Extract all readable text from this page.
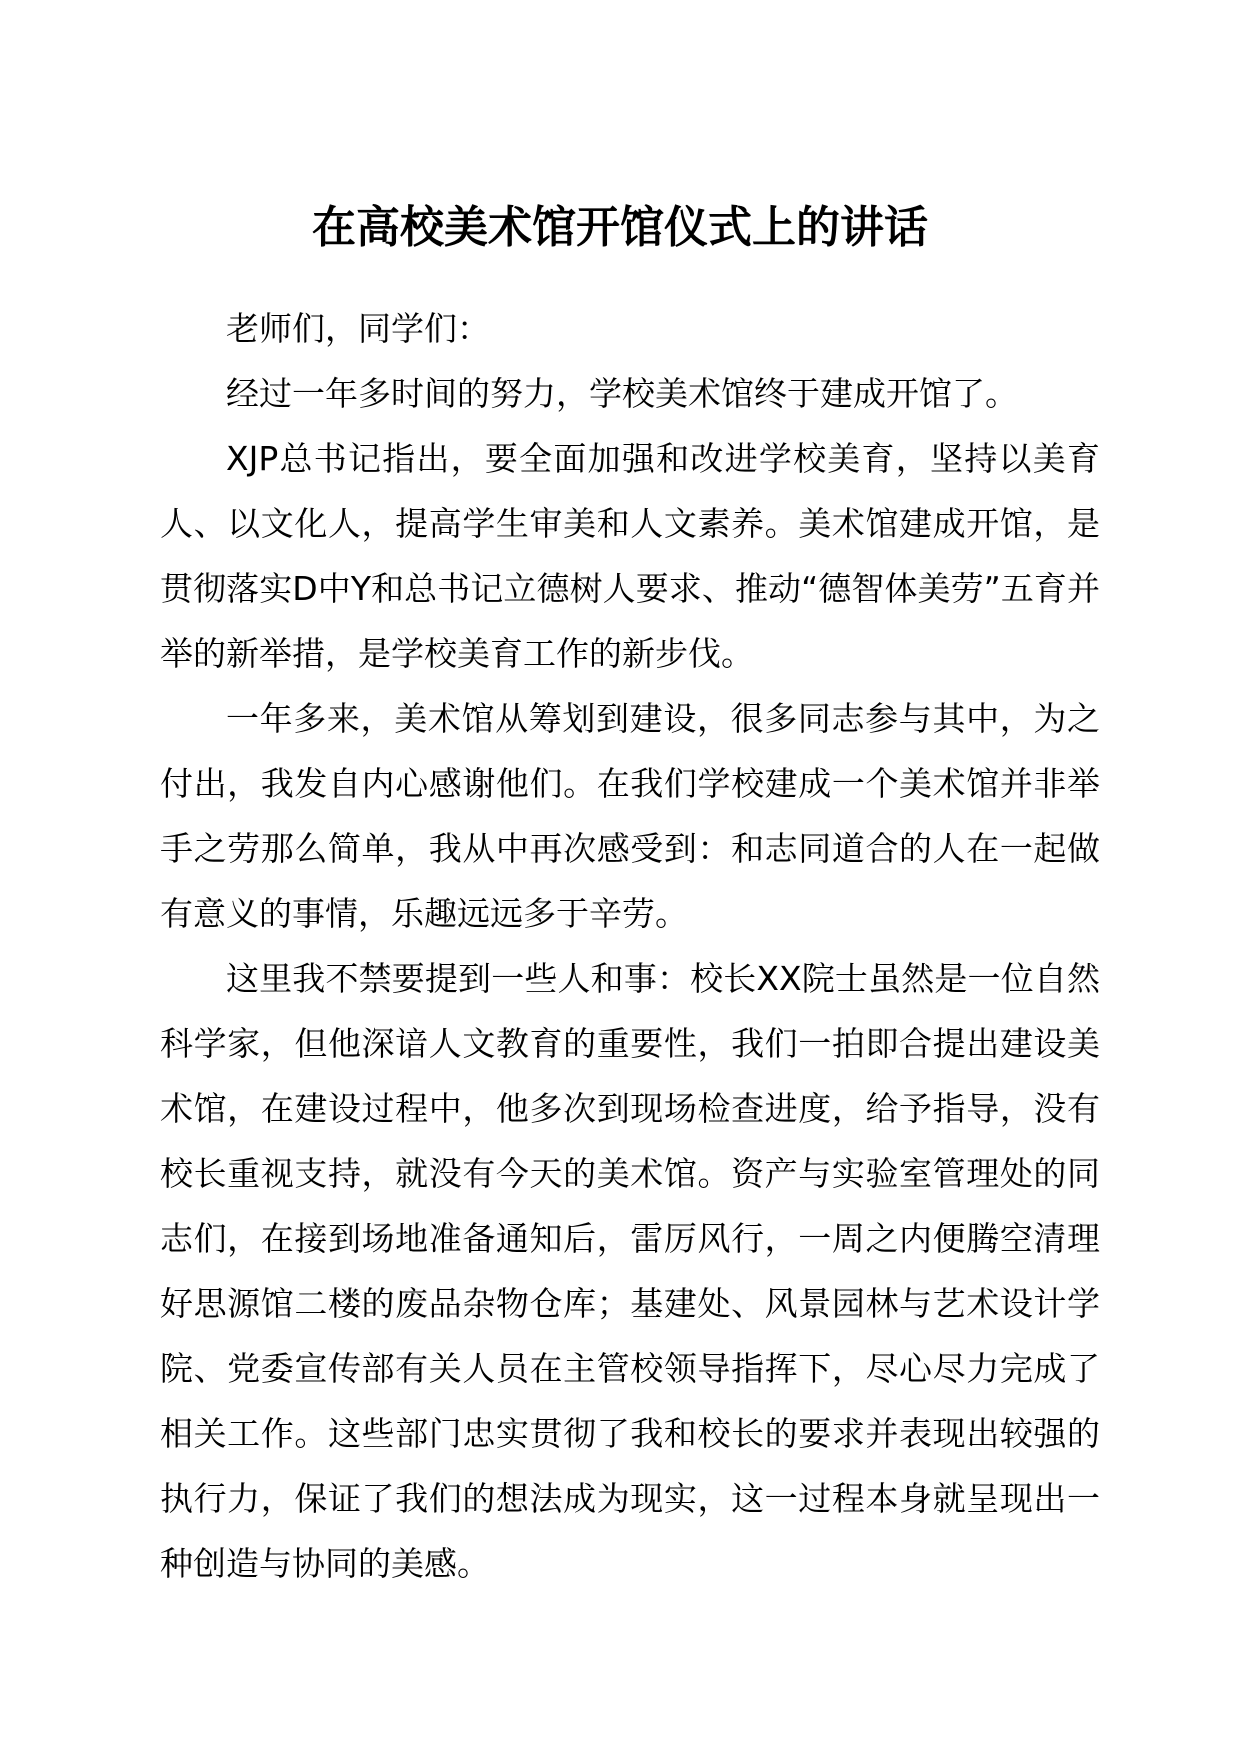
在高校美术馆开馆仪式上的讲话

老师们，同学们：

经过一年多时间的努力，学校美术馆终于建成开馆了。

XJP总书记指出，要全面加强和改进学校美育，坚持以美育人、以文化人，提高学生审美和人文素养。美术馆建成开馆，是贯彻落实D中Y和总书记立德树人要求、推动“德智体美劳”五育并举的新举措，是学校美育工作的新步伐。

一年多来，美术馆从筹划到建设，很多同志参与其中，为之付出，我发自内心感谢他们。在我们学校建成一个美术馆并非举手之劳那么简单，我从中再次感受到：和志同道合的人在一起做有意义的事情，乐趣远远多于辛劳。

这里我不禁要提到一些人和事：校长XX院士虽然是一位自然科学家，但他深谙人文教育的重要性，我们一拍即合提出建设美术馆，在建设过程中，他多次到现场检查进度，给予指导，没有校长重视支持，就没有今天的美术馆。资产与实验室管理处的同志们，在接到场地准备通知后，雷厉风行，一周之内便腾空清理好思源馆二楼的废品杂物仓库；基建处、风景园林与艺术设计学院、党委宣传部有关人员在主管校领导指挥下，尽心尽力完成了相关工作。这些部门忠实贯彻了我和校长的要求并表现出较强的执行力，保证了我们的想法成为现实，这一过程本身就呈现出一种创造与协同的美感。
